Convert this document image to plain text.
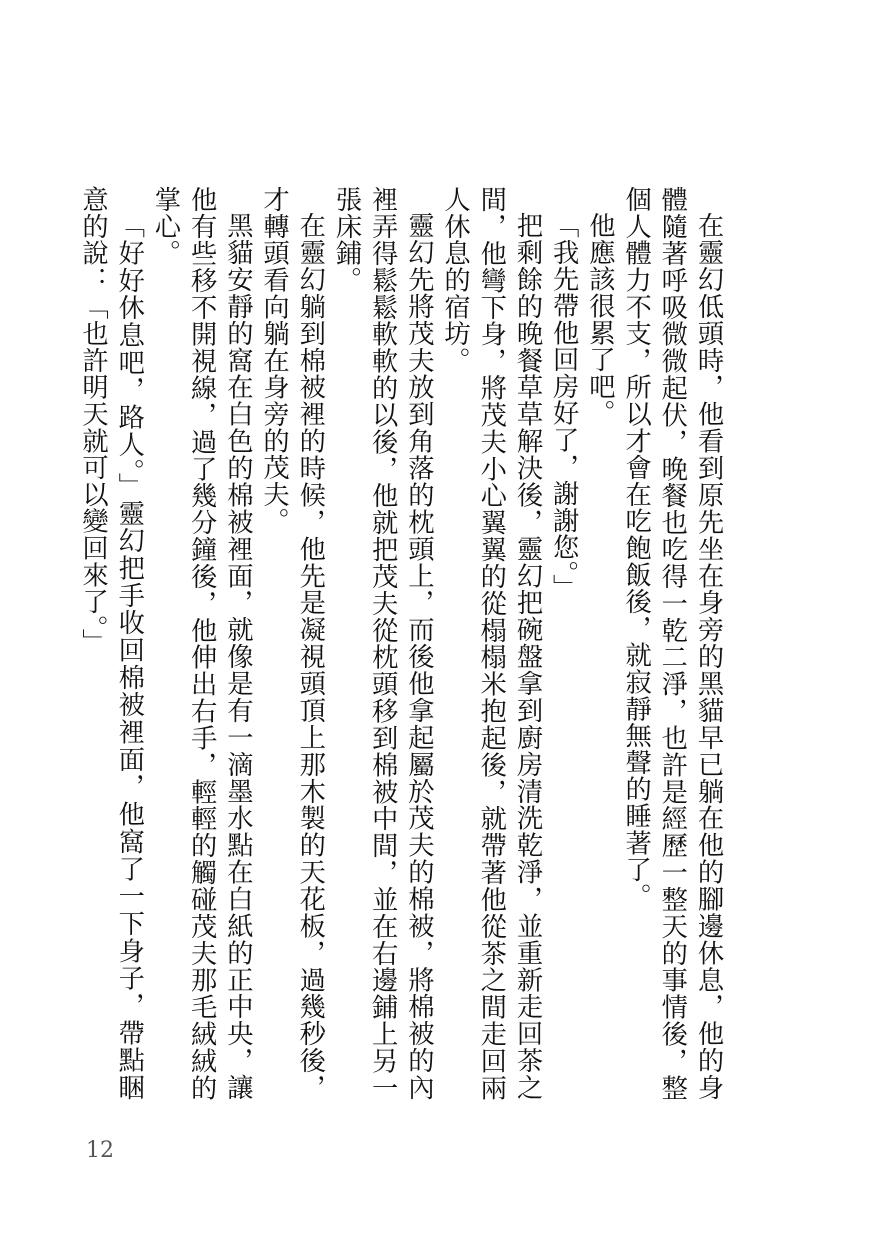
在靈幻低頭時，他看到原先坐在身旁的黑貓早已躺在他的腳邊休息，他的身體隨著呼吸微微起伏，晚餐也吃得一乾二淨，也許是經歷一整天的事情後，整個人體力不支，所以才會在吃飽飯後，就寂靜無聲的睡著了。

他應該很累了吧。

「我先帶他回房好了，謝謝您。」

把剩餘的晚餐草草解決後，靈幻把碗盤拿到廚房清洗乾淨，並重新走回茶之間，他彎下身，將茂夫小心翼翼的從榻榻米抱起後，就帶著他從茶之間走回兩人休息的宿坊。

靈幻先將茂夫放到角落的枕頭上，而後他拿起屬於茂夫的棉被，將棉被的內裡弄得鬆鬆軟軟的以後，他就把茂夫從枕頭移到棉被中間，並在右邊鋪上另一張床鋪。

在靈幻躺到棉被裡的時候，他先是凝視頭頂上那木製的天花板，過幾秒後，才轉頭看向躺在身旁的茂夫。

黑貓安靜的窩在白色的棉被裡面，就像是有一滴墨水點在白紙的正中央，讓他有些移不開視線，過了幾分鐘後，他伸出右手，輕輕的觸碰茂夫那毛絨絨的掌心。

「好好休息吧，路人。」靈幻把手收回棉被裡面，他窩了一下身子，帶點睏意的說：「也許明天就可以變回來了。」

12
